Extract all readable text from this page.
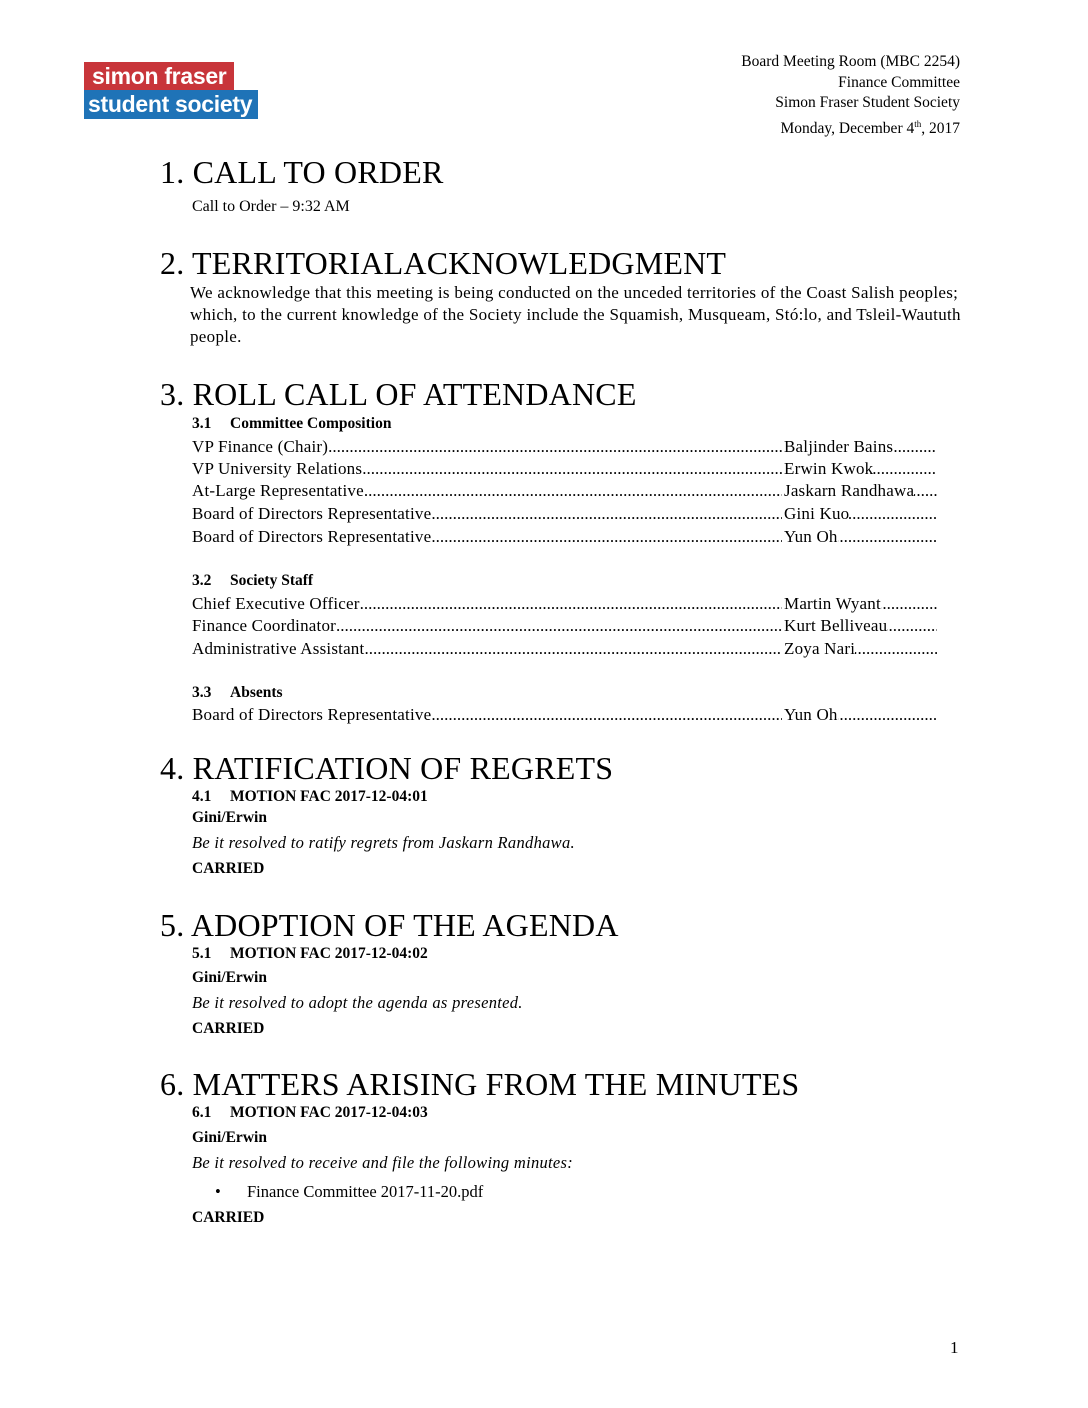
simon fraser
student society
Board Meeting Room (MBC 2254)
Finance Committee
Simon Fraser Student Society
Monday, December 4th, 2017
1. CALL TO ORDER
Call to Order – 9:32 AM
2. TERRITORIALACKNOWLEDGMENT
We acknowledge that this meeting is being conducted on the unceded territories of the Coast Salish peoples; which, to the current knowledge of the Society include the Squamish, Musqueam, Stó:lo, and Tsleil-Waututh people.
3. ROLL CALL OF ATTENDANCE
3.1 Committee Composition
VP Finance (Chair) .....	Baljinder Bains
VP University Relations .....	Erwin Kwok
At-Large Representative .....	Jaskarn Randhawa
Board of Directors Representative .....	Gini Kuo
Board of Directors Representative .....	Yun Oh
3.2 Society Staff
Chief Executive Officer .....	Martin Wyant
Finance Coordinator .....	Kurt Belliveau
Administrative Assistant .....	Zoya Nari
3.3 Absents
Board of Directors Representative .....	Yun Oh
4. RATIFICATION OF REGRETS
4.1 MOTION FAC 2017-12-04:01
Gini/Erwin
Be it resolved to ratify regrets from Jaskarn Randhawa.
CARRIED
5. ADOPTION OF THE AGENDA
5.1 MOTION FAC 2017-12-04:02
Gini/Erwin
Be it resolved to adopt the agenda as presented.
CARRIED
6. MATTERS ARISING FROM THE MINUTES
6.1 MOTION FAC 2017-12-04:03
Gini/Erwin
Be it resolved to receive and file the following minutes:
• Finance Committee 2017-11-20.pdf
CARRIED
1
